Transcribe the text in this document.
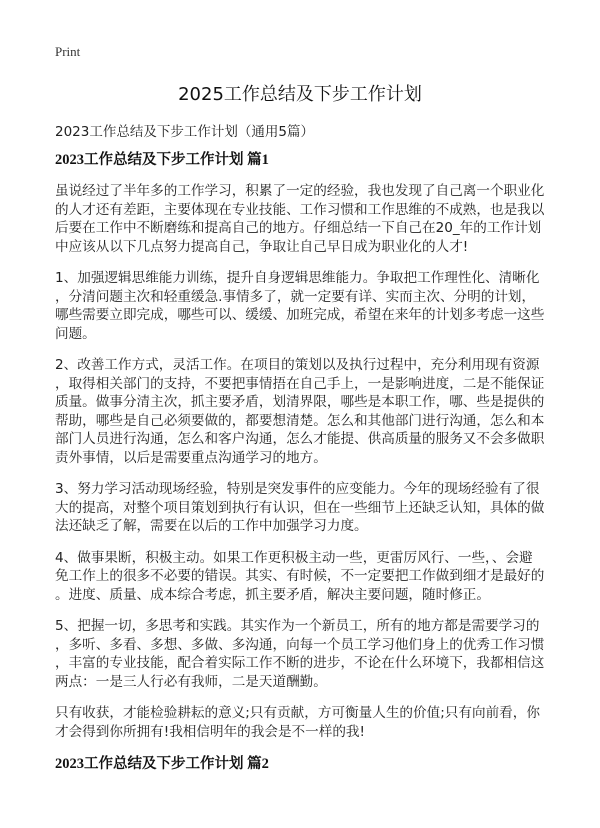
Print
2025工作总结及下步工作计划
2023工作总结及下步工作计划（通用5篇）
2023工作总结及下步工作计划 篇1
虽说经过了半年多的工作学习，积累了一定的经验，我也发现了自己离一个职业化
的人才还有差距，主要体现在专业技能、工作习惯和工作思维的不成熟，也是我以
后要在工作中不断磨练和提高自己的地方。仔细总结一下自己在20_年的工作计划
中应该从以下几点努力提高自己，争取让自己早日成为职业化的人才!
1、加强逻辑思维能力训练，提升自身逻辑思维能力。争取把工作理性化、清晰化
，分清问题主次和轻重缓急.事情多了，就一定要有详、实而主次、分明的计划，
哪些需要立即完成，哪些可以、缓缓、加班完成，希望在来年的计划多考虑一这些
问题。
2、改善工作方式，灵活工作。在项目的策划以及执行过程中，充分利用现有资源
，取得相关部门的支持，不要把事情捂在自己手上，一是影响进度，二是不能保证
质量。做事分清主次，抓主要矛盾，划清界限，哪些是本职工作，哪、些是提供的
帮助，哪些是自己必须要做的，都要想清楚。怎么和其他部门进行沟通，怎么和本
部门人员进行沟通，怎么和客户沟通，怎么才能提、供高质量的服务又不会多做职
责外事情，以后是需要重点沟通学习的地方。
3、努力学习活动现场经验，特别是突发事件的应变能力。今年的现场经验有了很
大的提高，对整个项目策划到执行有认识，但在一些细节上还缺乏认知，具体的做
法还缺乏了解，需要在以后的工作中加强学习力度。
4、做事果断，积极主动。如果工作更积极主动一些，更雷厉风行、一些，、会避
免工作上的很多不必要的错误。其实、有时候，不一定要把工作做到细才是最好的
。进度、质量、成本综合考虑，抓主要矛盾，解决主要问题，随时修正。
5、把握一切，多思考和实践。其实作为一个新员工，所有的地方都是需要学习的
，多听、多看、多想、多做、多沟通，向每一个员工学习他们身上的优秀工作习惯
，丰富的专业技能，配合着实际工作不断的进步，不论在什么环境下，我都相信这
两点：一是三人行必有我师，二是天道酬勤。
只有收获，才能检验耕耘的意义;只有贡献，方可衡量人生的价值;只有向前看，你
才会得到你所拥有!我相信明年的我会是不一样的我!
2023工作总结及下步工作计划 篇2
